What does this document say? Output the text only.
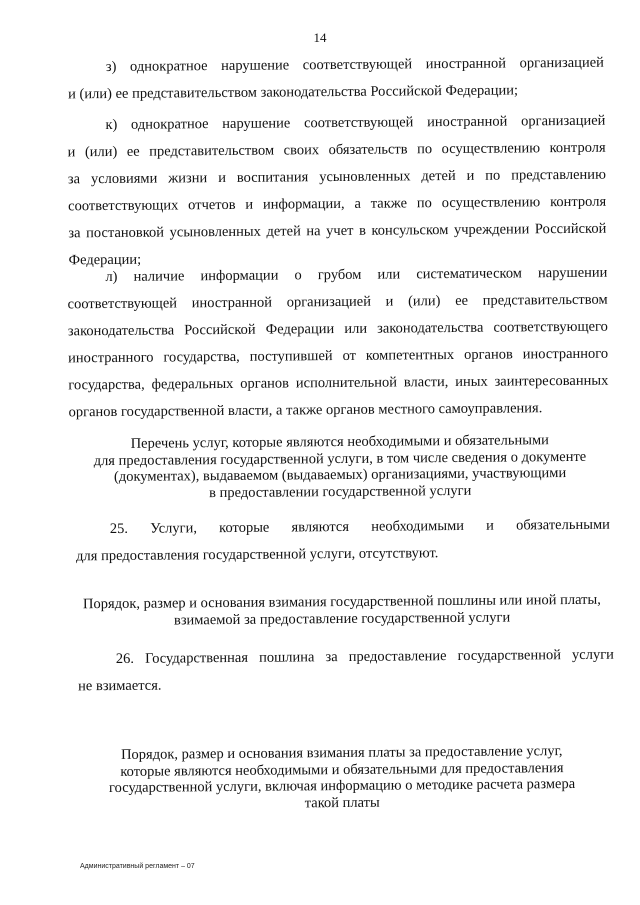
14
з) однократное нарушение соответствующей иностранной организацией
и (или) ее представительством законодательства Российской Федерации;
к) однократное нарушение соответствующей иностранной организацией
и (или) ее представительством своих обязательств по осуществлению контроля
за условиями жизни и воспитания усыновленных детей и по представлению
соответствующих отчетов и информации, а также по осуществлению контроля
за постановкой усыновленных детей на учет в консульском учреждении Российской
Федерации;
л) наличие информации о грубом или систематическом нарушении
соответствующей иностранной организацией и (или) ее представительством
законодательства Российской Федерации или законодательства соответствующего
иностранного государства, поступившей от компетентных органов иностранного
государства, федеральных органов исполнительной власти, иных заинтересованных
органов государственной власти, а также органов местного самоуправления.
Перечень услуг, которые являются необходимыми и обязательными
для предоставления государственной услуги, в том числе сведения о документе
(документах), выдаваемом (выдаваемых) организациями, участвующими
в предоставлении государственной услуги
25. Услуги, которые являются необходимыми и обязательными
для предоставления государственной услуги, отсутствуют.
Порядок, размер и основания взимания государственной пошлины или иной платы,
взимаемой за предоставление государственной услуги
26. Государственная пошлина за предоставление государственной услуги
не взимается.
Порядок, размер и основания взимания платы за предоставление услуг,
которые являются необходимыми и обязательными для предоставления
государственной услуги, включая информацию о методике расчета размера
такой платы
Административный регламент – 07
